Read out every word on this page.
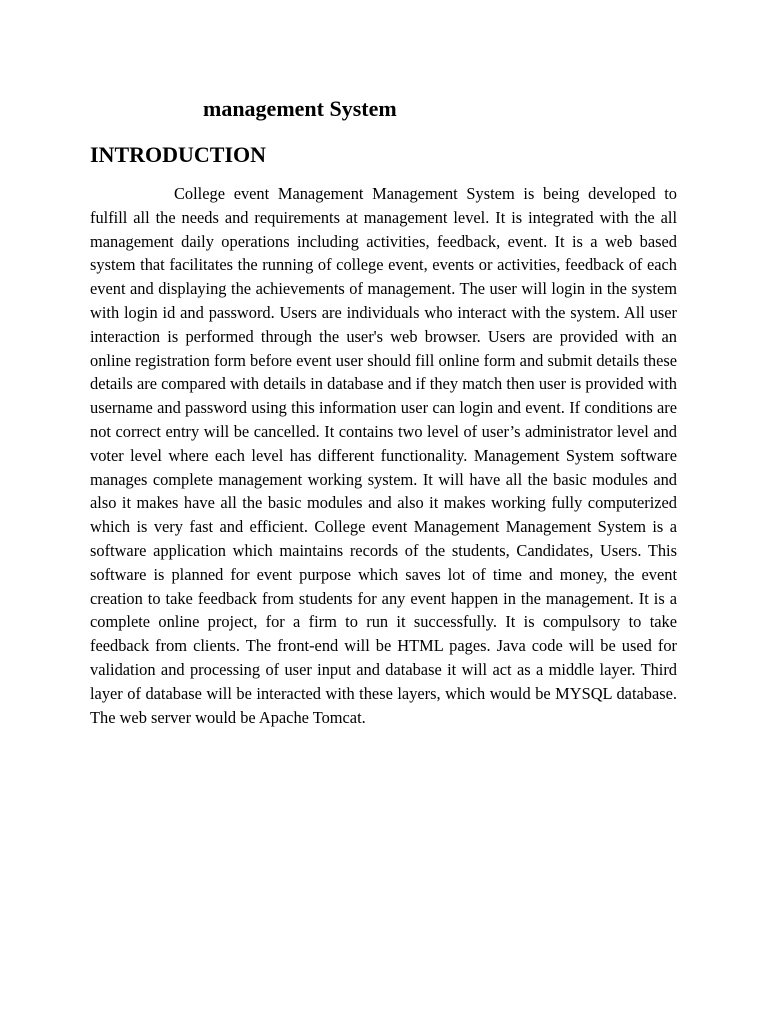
management System
INTRODUCTION

College event Management Management System is being developed to fulfill all the needs and requirements at management level. It is integrated with the all management daily operations including activities, feedback, event. It is a web based system that facilitates the running of college event, events or activities, feedback of each event and displaying the achievements of management. The user will login in the system with login id and password. Users are individuals who interact with the system. All user interaction is performed through the user's web browser. Users are provided with an online registration form before event user should fill online form and submit details these details are compared with details in database and if they match then user is provided with username and password using this information user can login and event. If conditions are not correct entry will be cancelled. It contains two level of user’s administrator level and voter level where each level has different functionality. Management System software manages complete management working system. It will have all the basic modules and also it makes have all the basic modules and also it makes working fully computerized which is very fast and efficient. College event Management Management System is a software application which maintains records of the students, Candidates, Users. This software is planned for event purpose which saves lot of time and money, the event creation to take feedback from students for any event happen in the management. It is a complete online project, for a firm to run it successfully. It is compulsory to take feedback from clients. The front-end will be HTML pages. Java code will be used for validation and processing of user input and database it will act as a middle layer. Third layer of database will be interacted with these layers, which would be MYSQL database. The web server would be Apache Tomcat.
